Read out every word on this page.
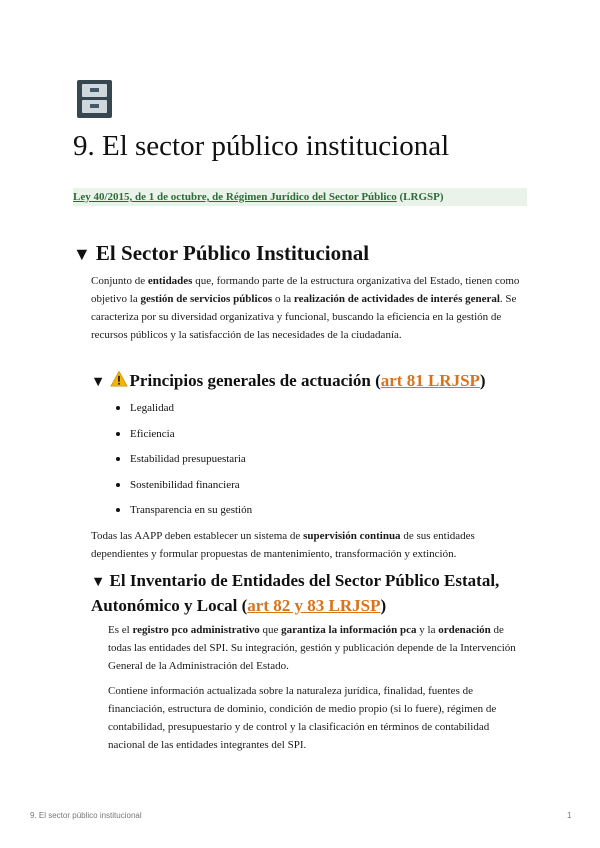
9. El sector público institucional
Ley 40/2015, de 1 de octubre, de Régimen Jurídico del Sector Público (LRGSP)
▼ El Sector Público Institucional

Conjunto de entidades que, formando parte de la estructura organizativa del Estado, tienen como objetivo la gestión de servicios públicos o la realización de actividades de interés general. Se caracteriza por su diversidad organizativa y funcional, buscando la eficiencia en la gestión de recursos públicos y la satisfacción de las necesidades de la ciudadanía.

▼ Principios generales de actuación (art 81 LRJSP)
Legalidad
Eficiencia
Estabilidad presupuestaria
Sostenibilidad financiera
Transparencia en su gestión

Todas las AAPP deben establecer un sistema de supervisión continua de sus entidades dependientes y formular propuestas de mantenimiento, transformación y extinción.

▼ El Inventario de Entidades del Sector Público Estatal,
Autonómico y Local (art 82 y 83 LRJSP)

Es el registro pco administrativo que garantiza la información pca y la ordenación de todas las entidades del SPI. Su integración, gestión y publicación depende de la Intervención General de la Administración del Estado.

Contiene información actualizada sobre la naturaleza jurídica, finalidad, fuentes de financiación, estructura de dominio, condición de medio propio (si lo fuere), régimen de contabilidad, presupuestario y de control y la clasificación en términos de contabilidad nacional de las entidades integrantes del SPI.

9. El sector público institucional	1
